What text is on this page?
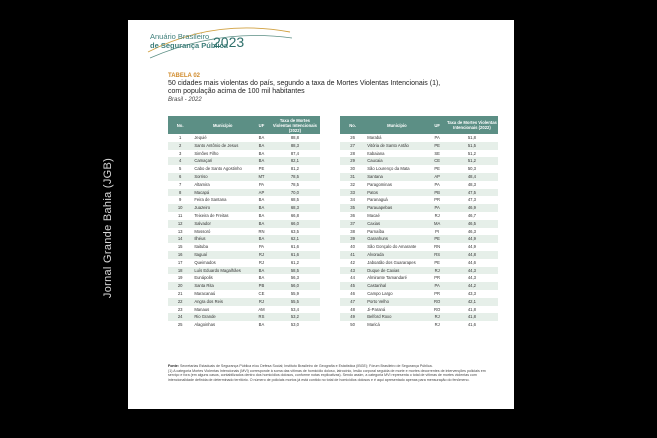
Jornal Grande Bahia (JGB)
Anuário Brasileiro
de Segurança Pública
2023
TABELA 02
50 cidades mais violentas do país, segundo a taxa de Mortes Violentas Intencionais (1),
com população acima de 100 mil habitantes
Brasil - 2022
No.	Município	UF	Taxa de Mortes Violentas Intencionais (2022)
1	Jequié	BA	88,8
2	Santo Antônio de Jesus	BA	88,3
3	Simões Filho	BA	87,4
4	Camaçari	BA	82,1
5	Cabo de Santo Agostinho	PE	81,2
6	Sorriso	MT	78,5
7	Altamira	PA	78,5
8	Macapá	AP	70,0
9	Feira de Santana	BA	68,5
10	Juazeiro	BA	68,3
11	Teixeira de Freitas	BA	66,8
12	Salvador	BA	66,0
13	Mossoró	RN	63,5
14	Ilhéus	BA	62,1
15	Itaituba	PA	61,6
16	Itaguaí	RJ	61,6
17	Queimados	RJ	61,2
18	Luís Eduardo Magalhães	BA	58,5
19	Eunápolis	BA	56,3
20	Santa Rita	PB	56,0
21	Maracanaú	CE	55,9
22	Angra dos Reis	RJ	55,5
23	Manaus	AM	53,4
24	Rio Grande	RS	53,2
25	Alagoinhas	BA	53,0
No.	Município	UF	Taxa de Mortes Violentas Intencionais (2022)
26	Marabá	PA	51,8
27	Vitória de Santo Antão	PE	51,5
28	Itabaiana	SE	51,2
29	Caucaia	CE	51,2
30	São Lourenço da Mata	PE	50,3
31	Santana	AP	48,4
32	Paragominas	PA	48,3
33	Patos	PB	47,5
34	Paranaguá	PR	47,3
35	Parauapebas	PA	46,9
36	Macaé	RJ	46,7
37	Caxias	MA	46,5
38	Parnaíba	PI	46,3
39	Garanhuns	PE	44,9
40	São Gonçalo do Amarante	RN	44,9
41	Alvorada	RS	44,8
42	Jaboatão dos Guararapes	PE	44,6
43	Duque de Caxias	RJ	44,3
44	Almirante Tamandaré	PR	44,3
45	Castanhal	PA	44,2
46	Campo Largo	PR	43,3
47	Porto Velho	RO	42,1
48	Ji-Paraná	RO	41,8
49	Belford Roxo	RJ	41,8
50	Maricá	RJ	41,6
Fonte: Secretarias Estaduais de Segurança Pública e/ou Defesa Social; Instituto Brasileiro de Geografia e Estatística (IBGE); Fórum Brasileiro de Segurança Pública.
(1) A categoria Mortes Violentas Intencionais (MVI) corresponde à soma das vítimas de homicídio doloso, latrocínio, lesão corporal seguida de morte e mortes decorrentes de intervenções policiais em serviço e fora (em alguns casos, contabilizados dentro dos homicídios dolosos, conforme notas explicativas). Sendo assim, a categoria MVI representa o total de vítimas de mortes violentas com intencionalidade definida de determinado território. O número de policiais mortos já está contido no total de homicídios dolosos e é aqui apresentado apenas para mensuração do fenômeno.
